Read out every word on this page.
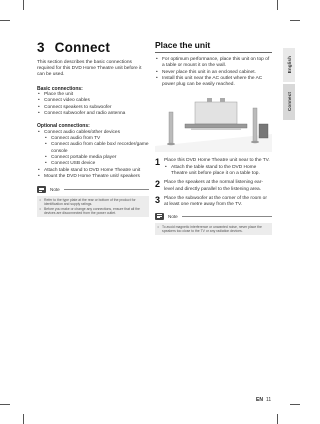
English
Connect
3 Connect

This section describes the basic connections required for this DVD Home Theatre unit before it can be used.

Basic connections:
• Place the unit
• Connect video cables
• Connect speakers to subwoofer
• Connect subwoofer and radio antenna
Optional connections:
• Connect audio cables/other devices
• Connect audio from TV
• Connect audio from cable box/ recorder/game console
• Connect portable media player
• Connect USB device
• Attach table stand to DVD Home Theatre unit
• Mount the DVD Home Theatre unit/ speakers
Note
• Refer to the type plate at the rear or bottom of the product for identification and supply ratings.
• Before you make or change any connections, ensure that all the devices are disconnected from the power outlet.
Place the unit
• For optimum performance, place this unit on top of a table or mount it on the wall.
• Never place this unit in an enclosed cabinet.
• Install this unit near the AC outlet where the AC power plug can be easily reached.
1 Place this DVD Home Theatre unit near to the TV.
• Attach the table stand to the DVD Home Theatre unit before place it on a table top.
2 Place the speakers at the normal listening ear-level and directly parallel to the listening area.
3 Place the subwoofer at the corner of the room or at least one metre away from the TV.
Note
• To avoid magnetic interference or unwanted noise, never place the speakers too close to the TV or any radiation devices.
EN 11
